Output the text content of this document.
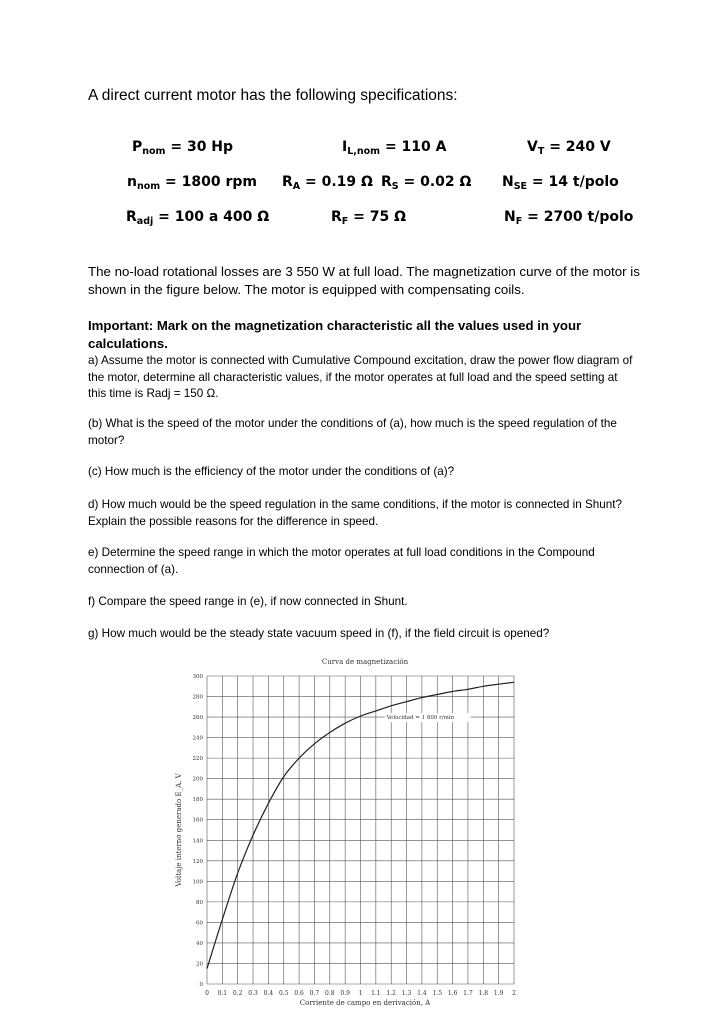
A direct current motor has the following specifications:
$P_{nom} = 30$ Hp	$I_{L,nom} = 110$ A	$V_T = 240$ V
$n_{nom} = 1800$ rpm $R_A = 0.19$ Ω $R_S = 0.02$ Ω $N_{SE} = 14$ t/polo
$R_{adj} = 100$ a 400 Ω	$R_F = 75$ Ω	$N_F = 2700$ t/polo
The no-load rotational losses are 3 550 W at full load. The magnetization curve of the motor is shown in the figure below. The motor is equipped with compensating coils.
Important: Mark on the magnetization characteristic all the values used in your calculations.
a) Assume the motor is connected with Cumulative Compound excitation, draw the power flow diagram of the motor, determine all characteristic values, if the motor operates at full load and the speed setting at this time is Radj = 150 Ω.
(b) What is the speed of the motor under the conditions of (a), how much is the speed regulation of the motor?
(c) How much is the efficiency of the motor under the conditions of (a)?
d) How much would be the speed regulation in the same conditions, if the motor is connected in Shunt? Explain the possible reasons for the difference in speed.
e) Determine the speed range in which the motor operates at full load conditions in the Compound connection of (a).
f) Compare the speed range in (e), if now connected in Shunt.
g) How much would be the steady state vacuum speed in (f), if the field circuit is opened?
Curva de magnetización
Voltaje interno generado E_A, V
Corriente de campo en derivación, A
0 0.1 0.2 0.3 0.4 0.5 0.6 0.7 0.8 0.9 1 1.1 1.2 1.3 1.4 1.5 1.6 1.7 1.8 1.9 2
0
20
40
60
80
100
120
140
160
180
200
220
240
260
280
300
Velocidad = 1 800 r/min
